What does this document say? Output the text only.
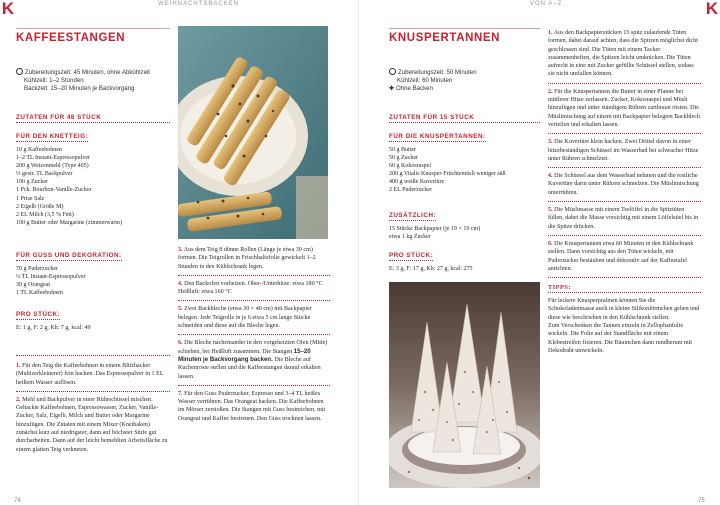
K	WEIHNACHTSBACKEN
KAFFEESTANGEN
Zubereitungszeit: 45 Minuten, ohne Abkühlzeit
Kühlzeit: 1–2 Stunden
Backzeit: 15–20 Minuten je Backvorgang
ZUTATEN FÜR 48 STÜCK
FÜR DEN KNETTEIG:
10 g Kaffeebohnen
1–2 TL Instant-Espressopulver
200 g Weizenmehl (Type 405)
⅓ gestr. TL Backpulver
100 g Zucker
1 Pck. Bourbon-Vanille-Zucker
1 Prise Salz
2 Eigelb (Größe M)
2 EL Milch (3,5 % Fett)
100 g Butter oder Margarine (zimmerwarm)
FÜR GUSS UND DEKORATION:
70 g Puderzucker
⅓ TL Instant-Espressopulver
30 g Orangeat
1 TL Kaffeebohnen
PRO STÜCK:
E: 1 g, F: 2 g, Kh: 7 g, kcal: 49
1. Für den Teig die Kaffeebohnen in einem Blitzhacker (Multizerkleinerer) fein hacken. Das Espressopulver in 1 EL heißem Wasser auflösen.
2. Mehl und Backpulver in einer Rührschüssel mischen. Gehackte Kaffeebohnen, Espressowasser, Zucker, Vanille-Zucker, Salz, Eigelb, Milch und Butter oder Margarine hinzufügen. Die Zutaten mit einem Mixer (Knethaken) zunächst kurz auf niedrigster, dann auf höchster Stufe gut durcharbeiten. Dann auf der leicht bemehlten Arbeitsfläche zu einem glatten Teig verkneten.
3. Aus dem Teig 8 dünne Rollen (Länge je etwa 30 cm) formen. Die Teigrollen in Frischhaltefolie gewickelt 1–2 Stunden in den Kühlschrank legen.
4. Den Backofen vorheizen. Ober-/Unterhitze: etwa 180 °C Heißluft: etwa 160 °C
5. Zwei Backbleche (etwa 30 × 40 cm) mit Backpapier belegen. Jede Teigrolle in je 6 etwa 5 cm lange Stücke schneiden und diese auf die Bleche legen.
6. Die Bleche nacheinander in den vorgeheizten Ofen (Mitte) schieben, bei Heißluft zusammen. Die Stangen 15–20 Minuten je Backvorgang backen. Die Bleche auf Kuchenroste stellen und die Kaffeestangen darauf erkalten lassen.
7. Für den Guss Puderzucker, Espresso und 3–4 TL heißes Wasser verrühren. Das Orangeat hacken. Die Kaffeebohnen im Mörser zerstoßen. Die Stangen mit Guss bestreichen, mit Orangeat und Kaffee bestreuen. Den Guss trocknen lassen.
74
VON A–Z	K
KNUSPERTANNEN
Zubereitungszeit: 50 Minuten
Kühlzeit: 60 Minuten
✚ Ohne Backen
ZUTATEN FÜR 15 STÜCK
FÜR DIE KNUSPERTANNEN:
50 g Butter
50 g Zucker
60 g Kokosraspel
200 g Vitalis Knusper-Früchtemüsli weniger süß
400 g weiße Kuvertüre
2 EL Puderzucker
ZUSÄTZLICH:
15 Stücke Backpapier (je 19 × 19 cm)
etwa 1 kg Zucker
PRO STÜCK:
E: 3 g, F: 17 g, Kh: 27 g, kcal: 275
1. Aus den Backpapierstücken 15 spitz zulaufende Tüten formen, dabei darauf achten, dass die Spitzen möglichst dicht geschlossen sind. Die Tüten mit einem Tacker zusammenheften, die Spitzen leicht umknicken. Die Tüten aufrecht in eine mit Zucker gefüllte Schüssel stellen, sodass sie nicht umfallen können.
2. Für die Knuspertannen die Butter in einer Pfanne bei mittlerer Hitze zerlassen. Zucker, Kokosraspel und Müsli hinzufügen und unter ständigem Rühren zartbraun rösten. Die Müslimischung auf einem mit Backpapier belegten Backblech verteilen und erkalten lassen.
3. Die Kuvertüre klein hacken. Zwei Drittel davon in einer hitzebeständigen Schüssel im Wasserbad bei schwacher Hitze unter Rühren schmelzen.
4. Die Schüssel aus dem Wasserbad nehmen und die restliche Kuvertüre darin unter Rühren schmelzen. Die Müslimischung unterrühren.
5. Die Müslimasse mit einem Teelöffel in die Spitztüten füllen, dabei die Masse vorsichtig mit einem Löffelstiel bis in die Spitze drücken.
6. Die Knuspertannen etwa 60 Minuten in den Kühlschrank stellen. Dann vorsichtig aus den Tüten wickeln, mit Puderzucker bestäuben und dekorativ auf der Kaffeetafel anrichten.
TIPPS:
Für leckere Knusperpralinen können Sie die Schokoladenmasse auch in kleine Silikonförmchen geben und diese wie beschrieben in den Kühlschrank stellen.
Zum Verschenken die Tannen einzeln in Zellophanfolie wickeln. Die Folie auf der Standfläche mit einem Klebestreifen fixieren. Die Bäumchen dann rundherum mit Dekodraht umwickeln.
75
